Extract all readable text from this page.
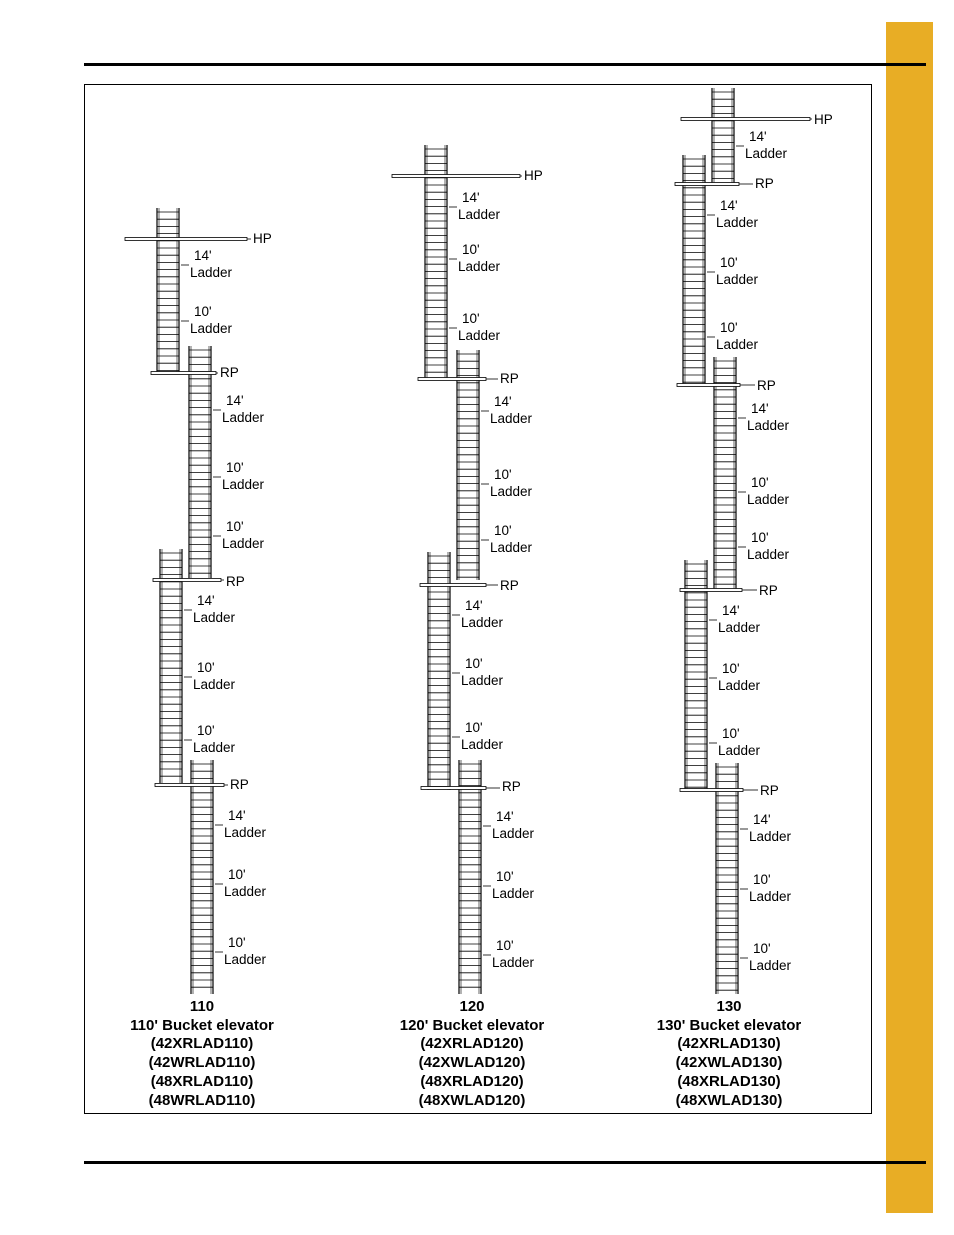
HP
14'
Ladder
10'
Ladder
RP
14'
Ladder
10'
Ladder
10'
Ladder
RP
14'
Ladder
10'
Ladder
10'
Ladder
RP
14'
Ladder
10'
Ladder
10'
Ladder
HP
14'
Ladder
10'
Ladder
10'
Ladder
RP
14'
Ladder
10'
Ladder
10'
Ladder
RP
14'
Ladder
10'
Ladder
10'
Ladder
RP
14'
Ladder
10'
Ladder
10'
Ladder
HP
14'
Ladder
RP
14'
Ladder
10'
Ladder
10'
Ladder
RP
14'
Ladder
10'
Ladder
10'
Ladder
RP
14'
Ladder
10'
Ladder
10'
Ladder
RP
14'
Ladder
10'
Ladder
10'
Ladder
110
110' Bucket elevator
(42XRLAD110)
(42WRLAD110)
(48XRLAD110)
(48WRLAD110)
120
120' Bucket elevator
(42XRLAD120)
(42XWLAD120)
(48XRLAD120)
(48XWLAD120)
130
130' Bucket elevator
(42XRLAD130)
(42XWLAD130)
(48XRLAD130)
(48XWLAD130)
